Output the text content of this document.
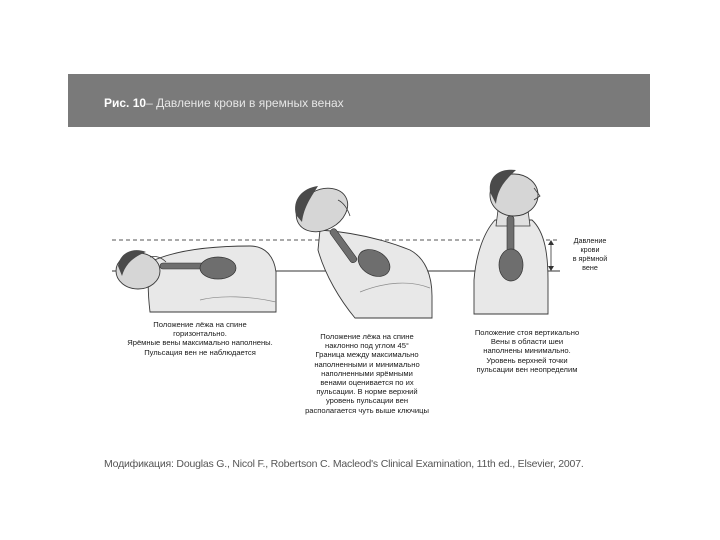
Рис. 10– Давление крови в яремных венах
Давление
крови
в ярёмной
вене
Положение лёжа на спине
горизонтально.
Ярёмные вены максимально наполнены.
Пульсация вен не наблюдается
Положение лёжа на спине
наклонно под углом 45°
Граница между максимально
наполненными и минимально
наполненными ярёмными
венами оценивается по их
пульсации. В норме верхний
уровень пульсации вен
располагается чуть выше ключицы
Положение стоя вертикально
Вены в области шеи
наполнены минимально.
Уровень верхней точки
пульсации вен неопределим
Модификация: Douglas G., Nicol F., Robertson C. Macleod's Clinical Examination, 11th ed., Elsevier, 2007.
